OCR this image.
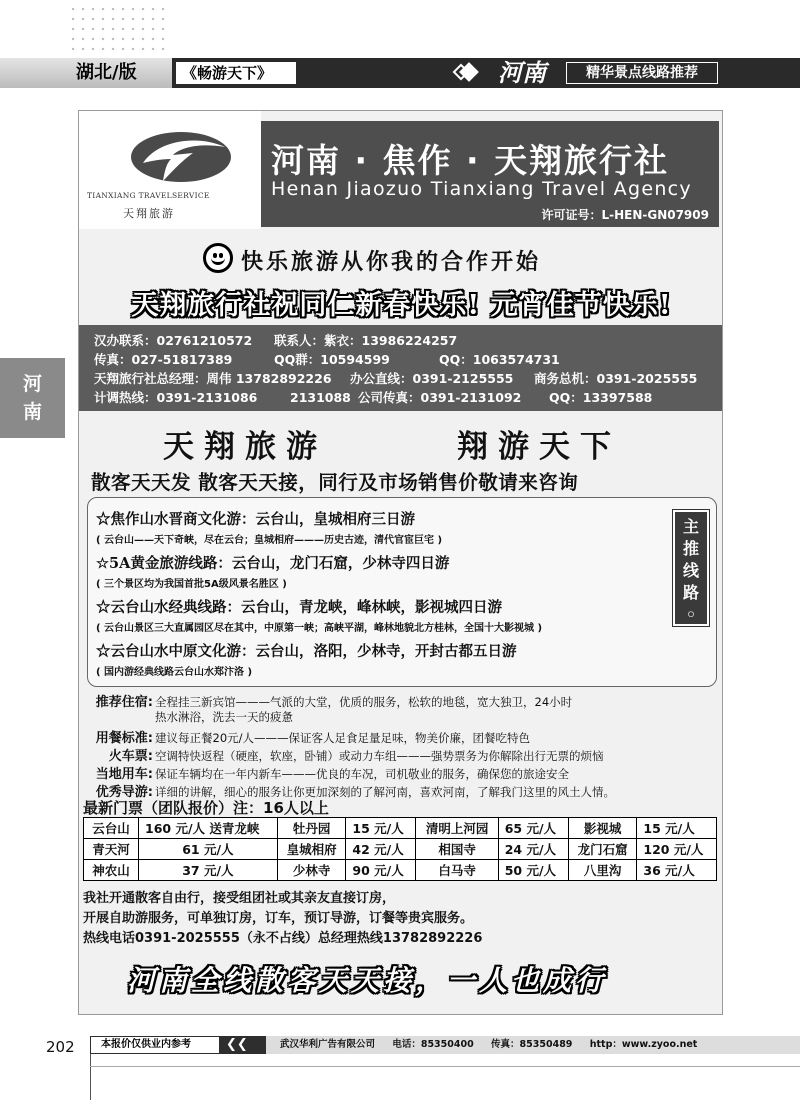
湖北/版	《畅游天下》	河南	精华景点线路推荐
河
南
TIANXIANG TRAVELSERVICE
天翔旅游
河南 · 焦作 · 天翔旅行社
Henan Jiaozuo Tianxiang Travel Agency
许可证号：L-HEN-GN07909
快乐旅游从你我的合作开始
天翔旅行社祝同仁新春快乐! 元宵佳节快乐!
汉办联系：02761210572 联系人：紫衣：13986224257
传真：027-51817389	QQ群：10594599	QQ：1063574731
天翔旅行社总经理：周伟 13782892226 办公直线：0391-2125555 商务总机：0391-2025555
计调热线：0391-2131086	2131088 公司传真：0391-2131092 QQ：13397588
天翔旅游	翔游天下
散客天天发 散客天天接，同行及市场销售价敬请来咨询
☆焦作山水晋商文化游：云台山，皇城相府三日游
( 云台山——天下奇峡，尽在云台；皇城相府———历史古迹，清代官宦巨宅 )
☆5A黄金旅游线路：云台山，龙门石窟，少林寺四日游
( 三个景区均为我国首批5A级风景名胜区 )
☆云台山水经典线路：云台山，青龙峡，峰林峡，影视城四日游
( 云台山景区三大直属园区尽在其中，中原第一峡；高峡平湖，峰林地貌北方桂林，全国十大影视城 )
☆云台山水中原文化游：云台山，洛阳，少林寺，开封古都五日游
( 国内游经典线路云台山水郑汴洛 )
主
推
线
路
◦
推荐住宿: 全程挂三新宾馆———气派的大堂，优质的服务，松软的地毯，宽大独卫，24小时
热水淋浴，洗去一天的疲惫
用餐标准: 建议每正餐20元/人———保证客人足食足量足味，物美价廉，团餐吃特色
火车票: 空调特快返程（硬座，软座，卧铺）或动力车组———强势票务为你解除出行无票的烦恼
当地用车: 保证车辆均在一年内新车———优良的车况，司机敬业的服务，确保您的旅途安全
优秀导游: 详细的讲解，细心的服务让你更加深刻的了解河南，喜欢河南，了解我门这里的风土人情。
最新门票（团队报价）注：16人以上
云台山	160 元/人 送青龙峡	牡丹园	15 元/人	清明上河园	65 元/人	影视城	15 元/人
青天河	61 元/人	皇城相府	42 元/人	相国寺	24 元/人	龙门石窟	120 元/人
神农山	37 元/人	少林寺	90 元/人	白马寺	50 元/人	八里沟	36 元/人
我社开通散客自由行，接受组团社或其亲友直接订房，
开展自助游服务，可单独订房，订车，预订导游，订餐等贵宾服务。
热线电话0391-2025555（永不占线）总经理热线13782892226
河南全线散客天天接，一人也成行
202	本报价仅供业内参考	❮❮	武汉华利广告有限公司 电话：85350400 传真：85350489 http：www.zyoo.net
